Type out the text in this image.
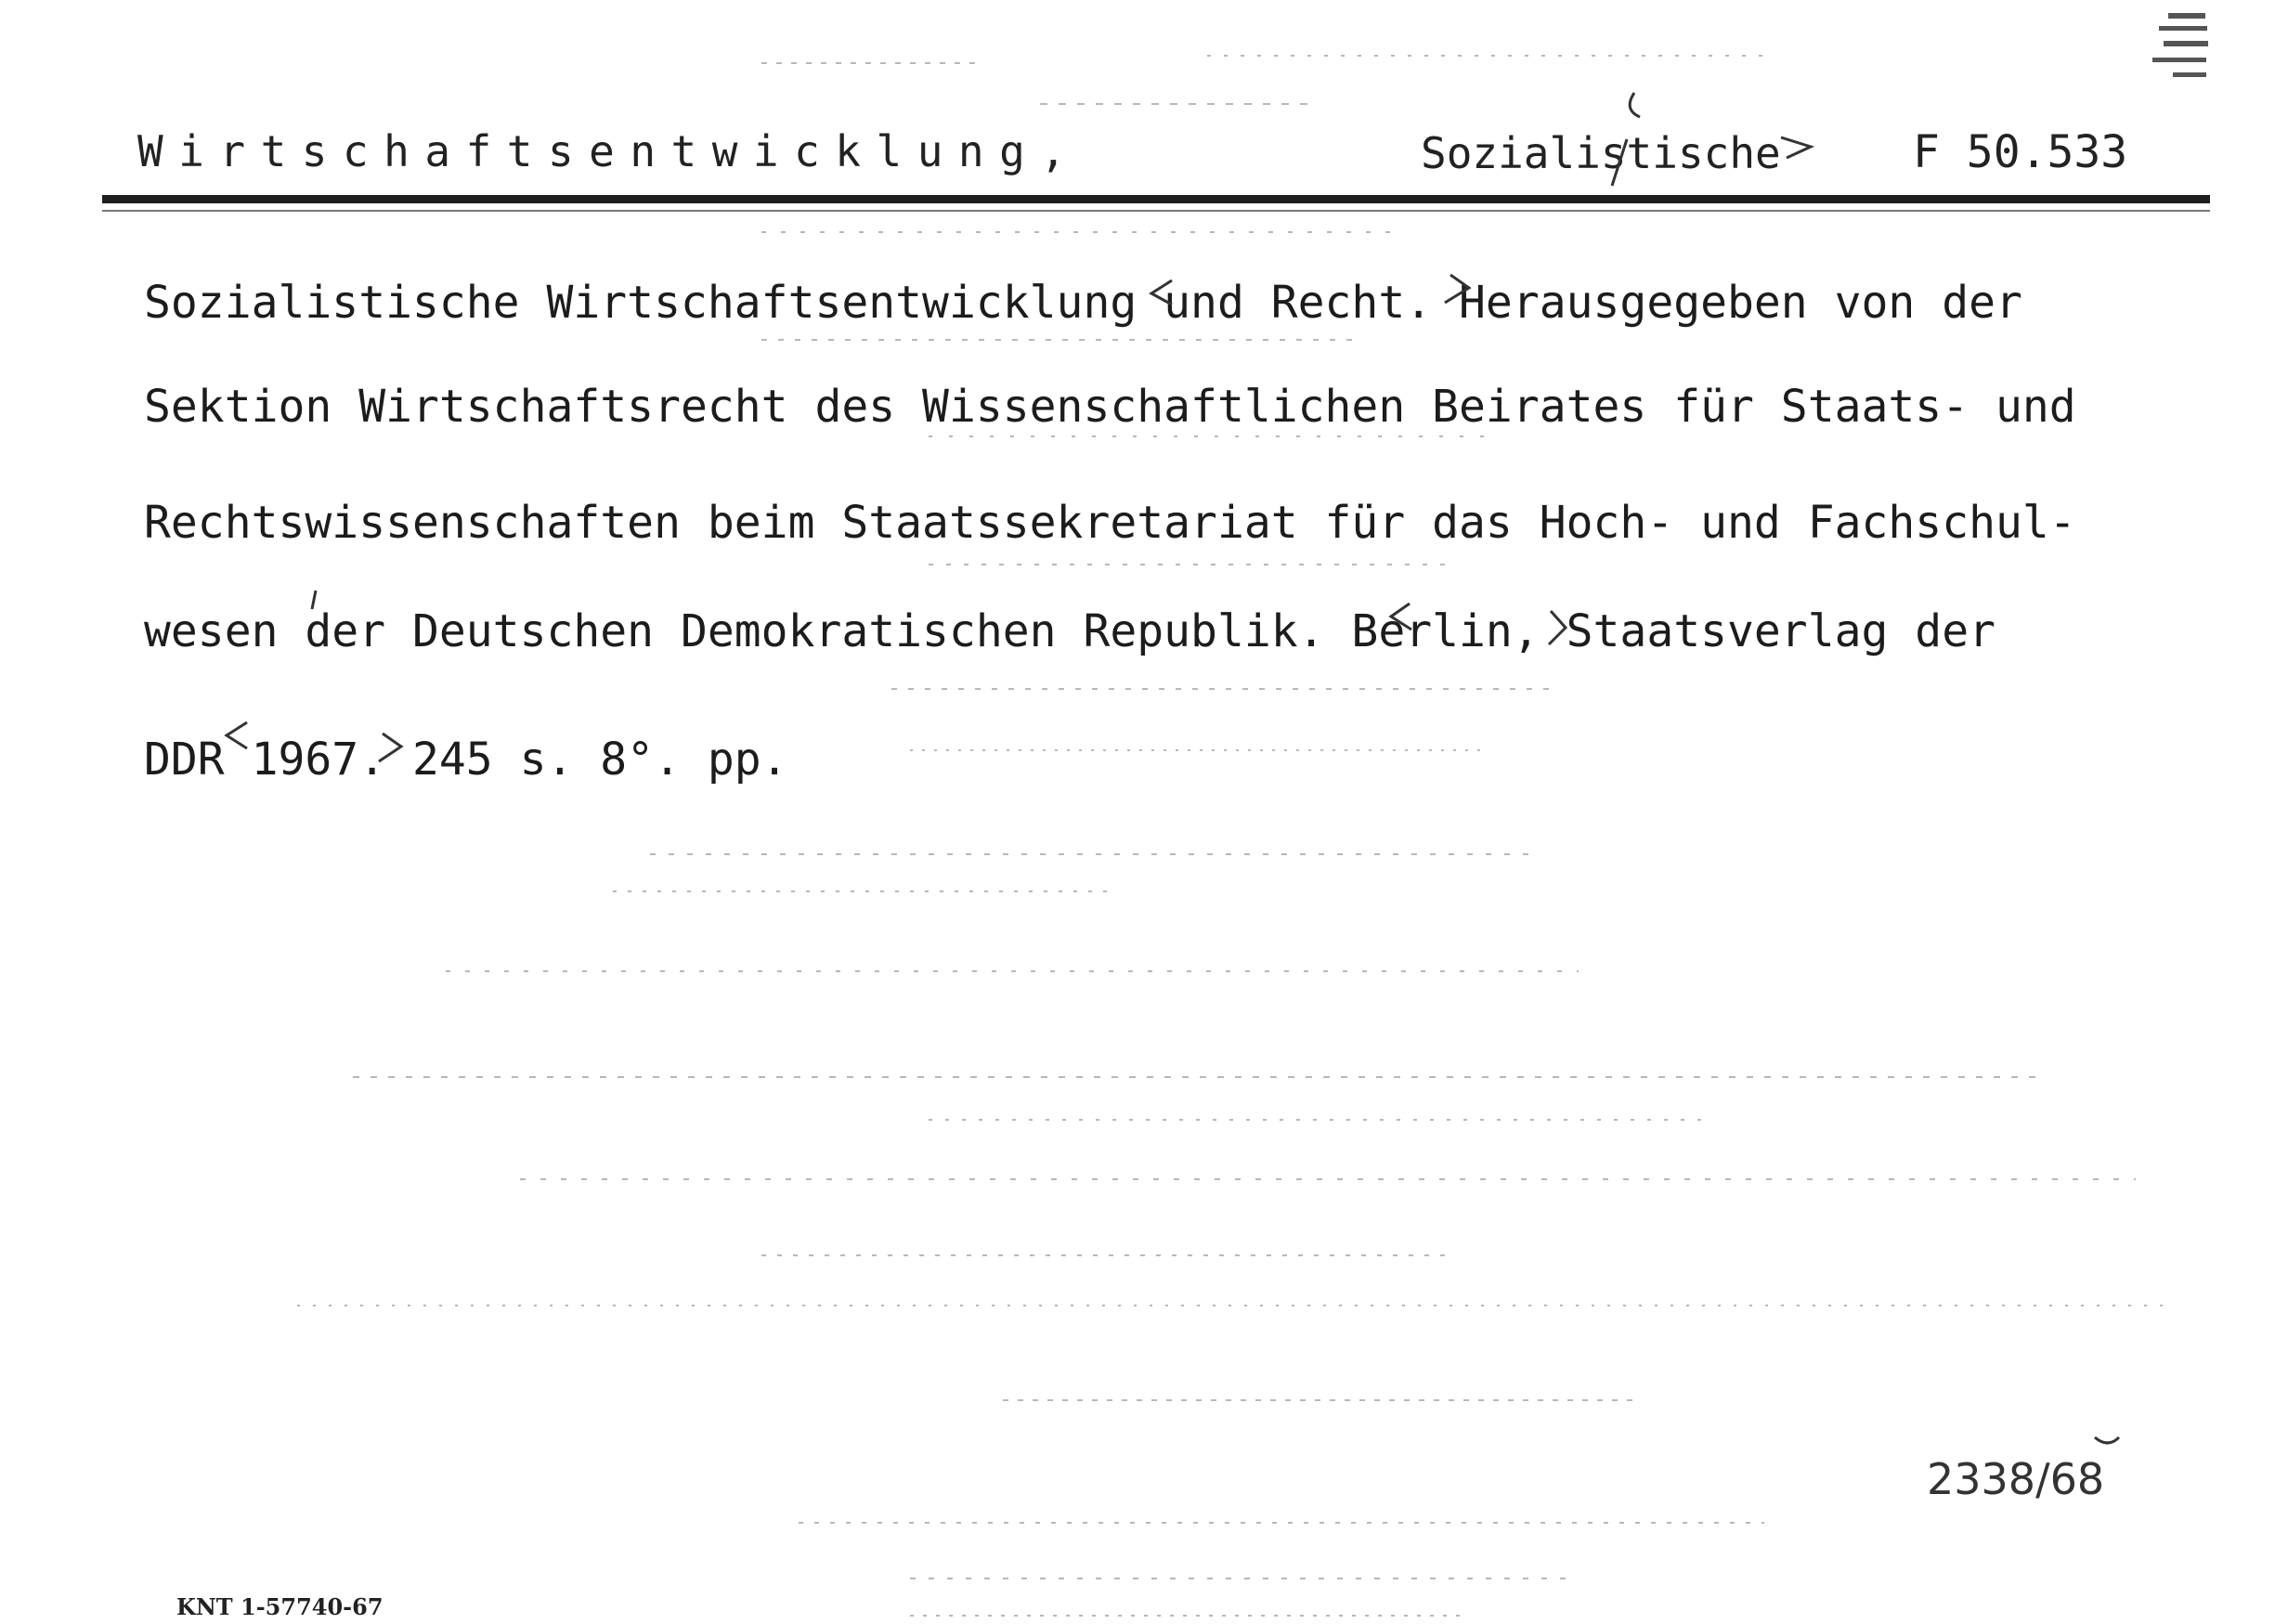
Wirtschaftsentwicklung,	Sozialistische	F 50.533
Sozialistische Wirtschaftsentwicklung und Recht. Herausgegeben von der
Sektion Wirtschaftsrecht des Wissenschaftlichen Beirates für Staats- und
Rechtswissenschaften beim Staatssekretariat für das Hoch- und Fachschul-
wesen der Deutschen Demokratischen Republik. Berlin, Staatsverlag der
DDR 1967. 245 s. 8°. pp.
2338/68
KNT 1-57740-67
